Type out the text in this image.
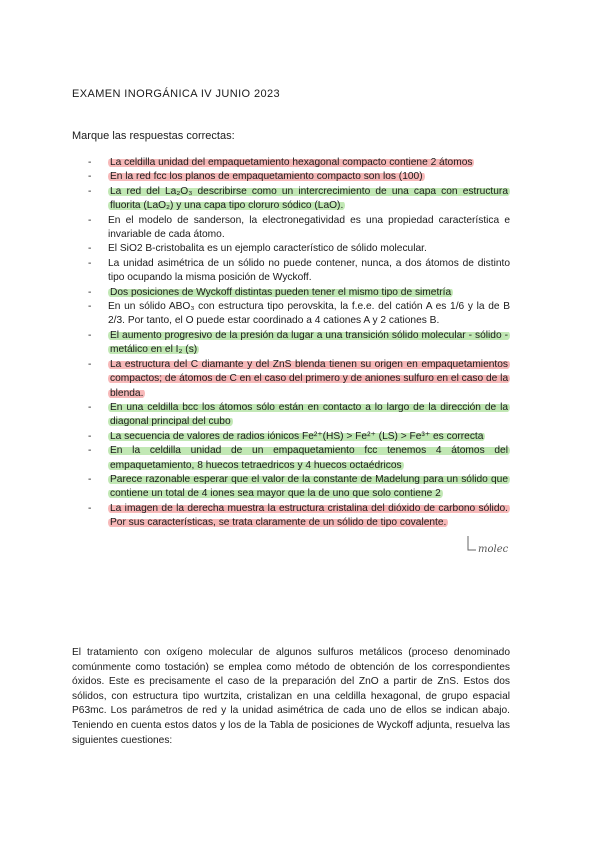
EXAMEN INORGÁNICA IV JUNIO 2023
Marque las respuestas correctas:
- La celdilla unidad del empaquetamiento hexagonal compacto contiene 2 átomos
- En la red fcc los planos de empaquetamiento compacto son los (100)
- La red del La₂O₃ describirse como un intercrecimiento de una capa con estructura fluorita (LaO₂) y una capa tipo cloruro sódico (LaO).
- En el modelo de sanderson, la electronegatividad es una propiedad característica e invariable de cada átomo.
- El SiO2 B-cristobalita es un ejemplo característico de sólido molecular.
- La unidad asimétrica de un sólido no puede contener, nunca, a dos átomos de distinto tipo ocupando la misma posición de Wyckoff.
- Dos posiciones de Wyckoff distintas pueden tener el mismo tipo de simetría
- En un sólido ABO₃ con estructura tipo perovskita, la f.e.e. del catión A es 1/6 y la de B 2/3. Por tanto, el O puede estar coordinado a 4 cationes A y 2 cationes B.
- El aumento progresivo de la presión da lugar a una transición sólido molecular - sólido - metálico en el I₂ (s)
- La estructura del C diamante y del ZnS blenda tienen su origen en empaquetamientos compactos; de átomos de C en el caso del primero y de aniones sulfuro en el caso de la blenda.
- En una celdilla bcc los átomos sólo están en contacto a lo largo de la dirección de la diagonal principal del cubo
- La secuencia de valores de radios iónicos Fe²⁺(HS) > Fe²⁺ (LS) > Fe³⁺ es correcta
- En la celdilla unidad de un empaquetamiento fcc tenemos 4 átomos del empaquetamiento, 8 huecos tetraedricos y 4 huecos octaédricos
- Parece razonable esperar que el valor de la constante de Madelung para un sólido que contiene un total de 4 iones sea mayor que la de uno que solo contiene 2
- La imagen de la derecha muestra la estructura cristalina del dióxido de carbono sólido. Por sus características, se trata claramente de un sólido de tipo covalente.
molec

El tratamiento con oxígeno molecular de algunos sulfuros metálicos (proceso denominado comúnmente como tostación) se emplea como método de obtención de los correspondientes óxidos. Este es precisamente el caso de la preparación del ZnO a partir de ZnS. Estos dos sólidos, con estructura tipo wurtzita, cristalizan en una celdilla hexagonal, de grupo espacial P63mc. Los parámetros de red y la unidad asimétrica de cada uno de ellos se indican abajo. Teniendo en cuenta estos datos y los de la Tabla de posiciones de Wyckoff adjunta, resuelva las siguientes cuestiones:
